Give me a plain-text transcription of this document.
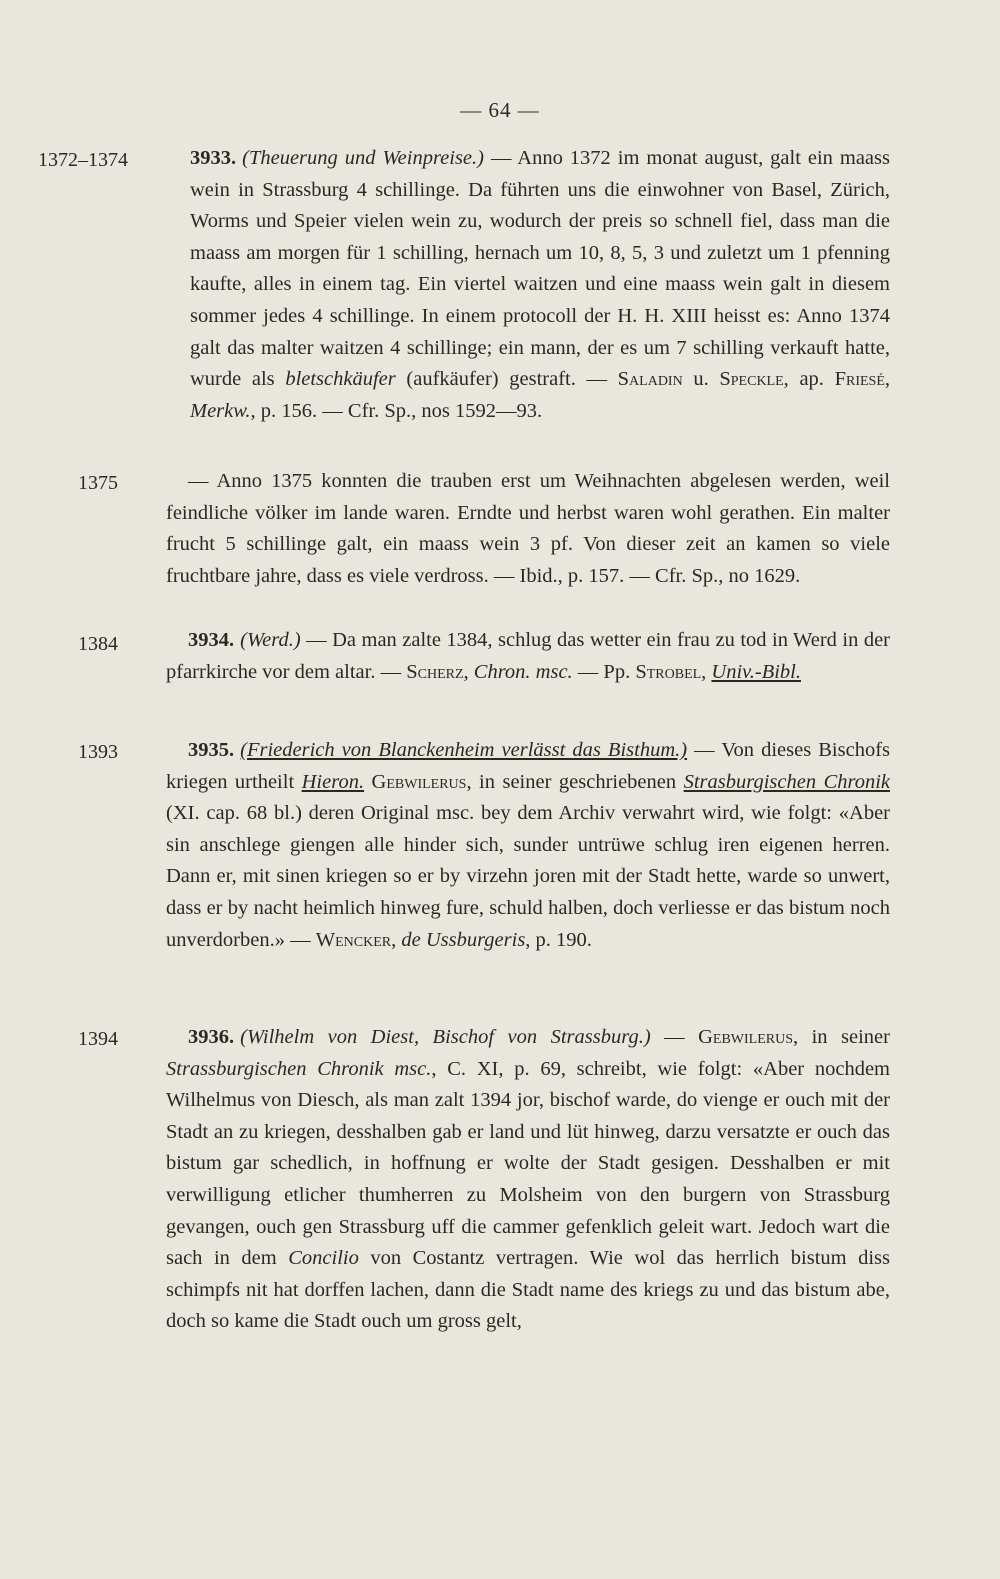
— 64 —
1372–1374	3933. (Theuerung und Weinpreise.) — Anno 1372 im monat august, galt ein maass wein in Strassburg 4 schillinge. Da führten uns die einwohner von Basel, Zürich, Worms und Speier vielen wein zu, wodurch der preis so schnell fiel, dass man die maass am morgen für 1 schilling, hernach um 10, 8, 5, 3 und zuletzt um 1 pfenning kaufte, alles in einem tag. Ein viertel waitzen und eine maass wein galt in diesem sommer jedes 4 schillinge. In einem protocoll der H. H. XIII heisst es: Anno 1374 galt das malter waitzen 4 schillinge; ein mann, der es um 7 schilling verkauft hatte, wurde als bletschkäufer (aufkäufer) gestraft. — Saladin u. Speckle, ap. Friesé, Merkw., p. 156. — Cfr. Sp., nos 1592—93.
1375	— Anno 1375 konnten die trauben erst um Weihnachten abgelesen werden, weil feindliche völker im lande waren. Erndte und herbst waren wohl gerathen. Ein malter frucht 5 schillinge galt, ein maass wein 3 pf. Von dieser zeit an kamen so viele fruchtbare jahre, dass es viele verdross. — Ibid., p. 157. — Cfr. Sp., no 1629.
1384	3934. (Werd.) — Da man zalte 1384, schlug das wetter ein frau zu tod in Werd in der pfarrkirche vor dem altar. — Scherz, Chron. msc. — Pp. Strobel, Univ.-Bibl.
1393	3935. (Friederich von Blanckenheim verlässt das Bisthum.) — Von dieses Bischofs kriegen urtheilt Hieron. Gebwilerus, in seiner geschriebenen Strasburgischen Chronik (XI. cap. 68 bl.) deren Original msc. bey dem Archiv verwahrt wird, wie folgt: «Aber sin anschlege giengen alle hinder sich, sunder untrüwe schlug iren eigenen herren. Dann er, mit sinen kriegen so er by virzehn joren mit der Stadt hette, warde so unwert, dass er by nacht heimlich hinweg fure, schuld halben, doch verliesse er das bistum noch unverdorben.» — Wencker, de Ussburgeris, p. 190.
1394	3936. (Wilhelm von Diest, Bischof von Strassburg.) — Gebwilerus, in seiner Strassburgischen Chronik msc., C. XI, p. 69, schreibt, wie folgt: «Aber nochdem Wilhelmus von Diesch, als man zalt 1394 jor, bischof warde, do vienge er ouch mit der Stadt an zu kriegen, desshalben gab er land und lüt hinweg, darzu versatzte er ouch das bistum gar schedlich, in hoffnung er wolte der Stadt gesigen. Desshalben er mit verwilligung etlicher thumherren zu Molsheim von den burgern von Strassburg gevangen, ouch gen Strassburg uff die cammer gefenklich geleit wart. Jedoch wart die sach in dem Concilio von Costantz vertragen. Wie wol das herrlich bistum diss schimpfs nit hat dorffen lachen, dann die Stadt name des kriegs zu und das bistum abe, doch so kame die Stadt ouch um gross gelt,
